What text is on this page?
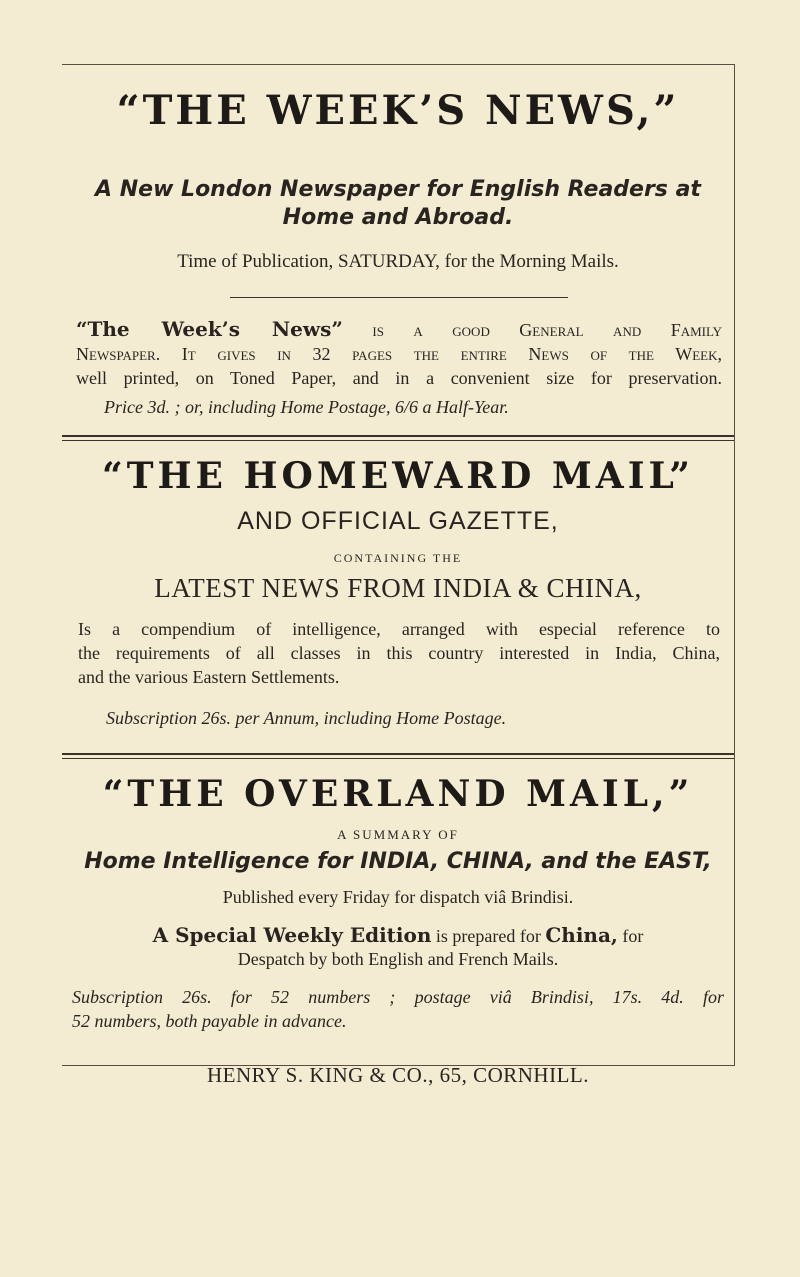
“THE WEEK’S NEWS,”
A New London Newspaper for English Readers at
Home and Abroad.
Time of Publication, SATURDAY, for the Morning Mails.
“The Week’s News” is a good General and Family
Newspaper. It gives in 32 pages the entire News of the Week,
well printed, on Toned Paper, and in a convenient size for preservation.
Price 3d. ; or, including Home Postage, 6/6 a Half-Year.
“THE HOMEWARD MAIL”
AND OFFICIAL GAZETTE,
CONTAINING THE
LATEST NEWS FROM INDIA & CHINA,
Is a compendium of intelligence, arranged with especial reference to
the requirements of all classes in this country interested in India, China,
and the various Eastern Settlements.
Subscription 26s. per Annum, including Home Postage.
“THE OVERLAND MAIL,”
A SUMMARY OF
Home Intelligence for INDIA, CHINA, and the EAST,
Published every Friday for dispatch viâ Brindisi.
A Special Weekly Edition is prepared for China, for
Despatch by both English and French Mails.
Subscription 26s. for 52 numbers ; postage viâ Brindisi, 17s. 4d. for
52 numbers, both payable in advance.
HENRY S. KING & CO., 65, CORNHILL.
